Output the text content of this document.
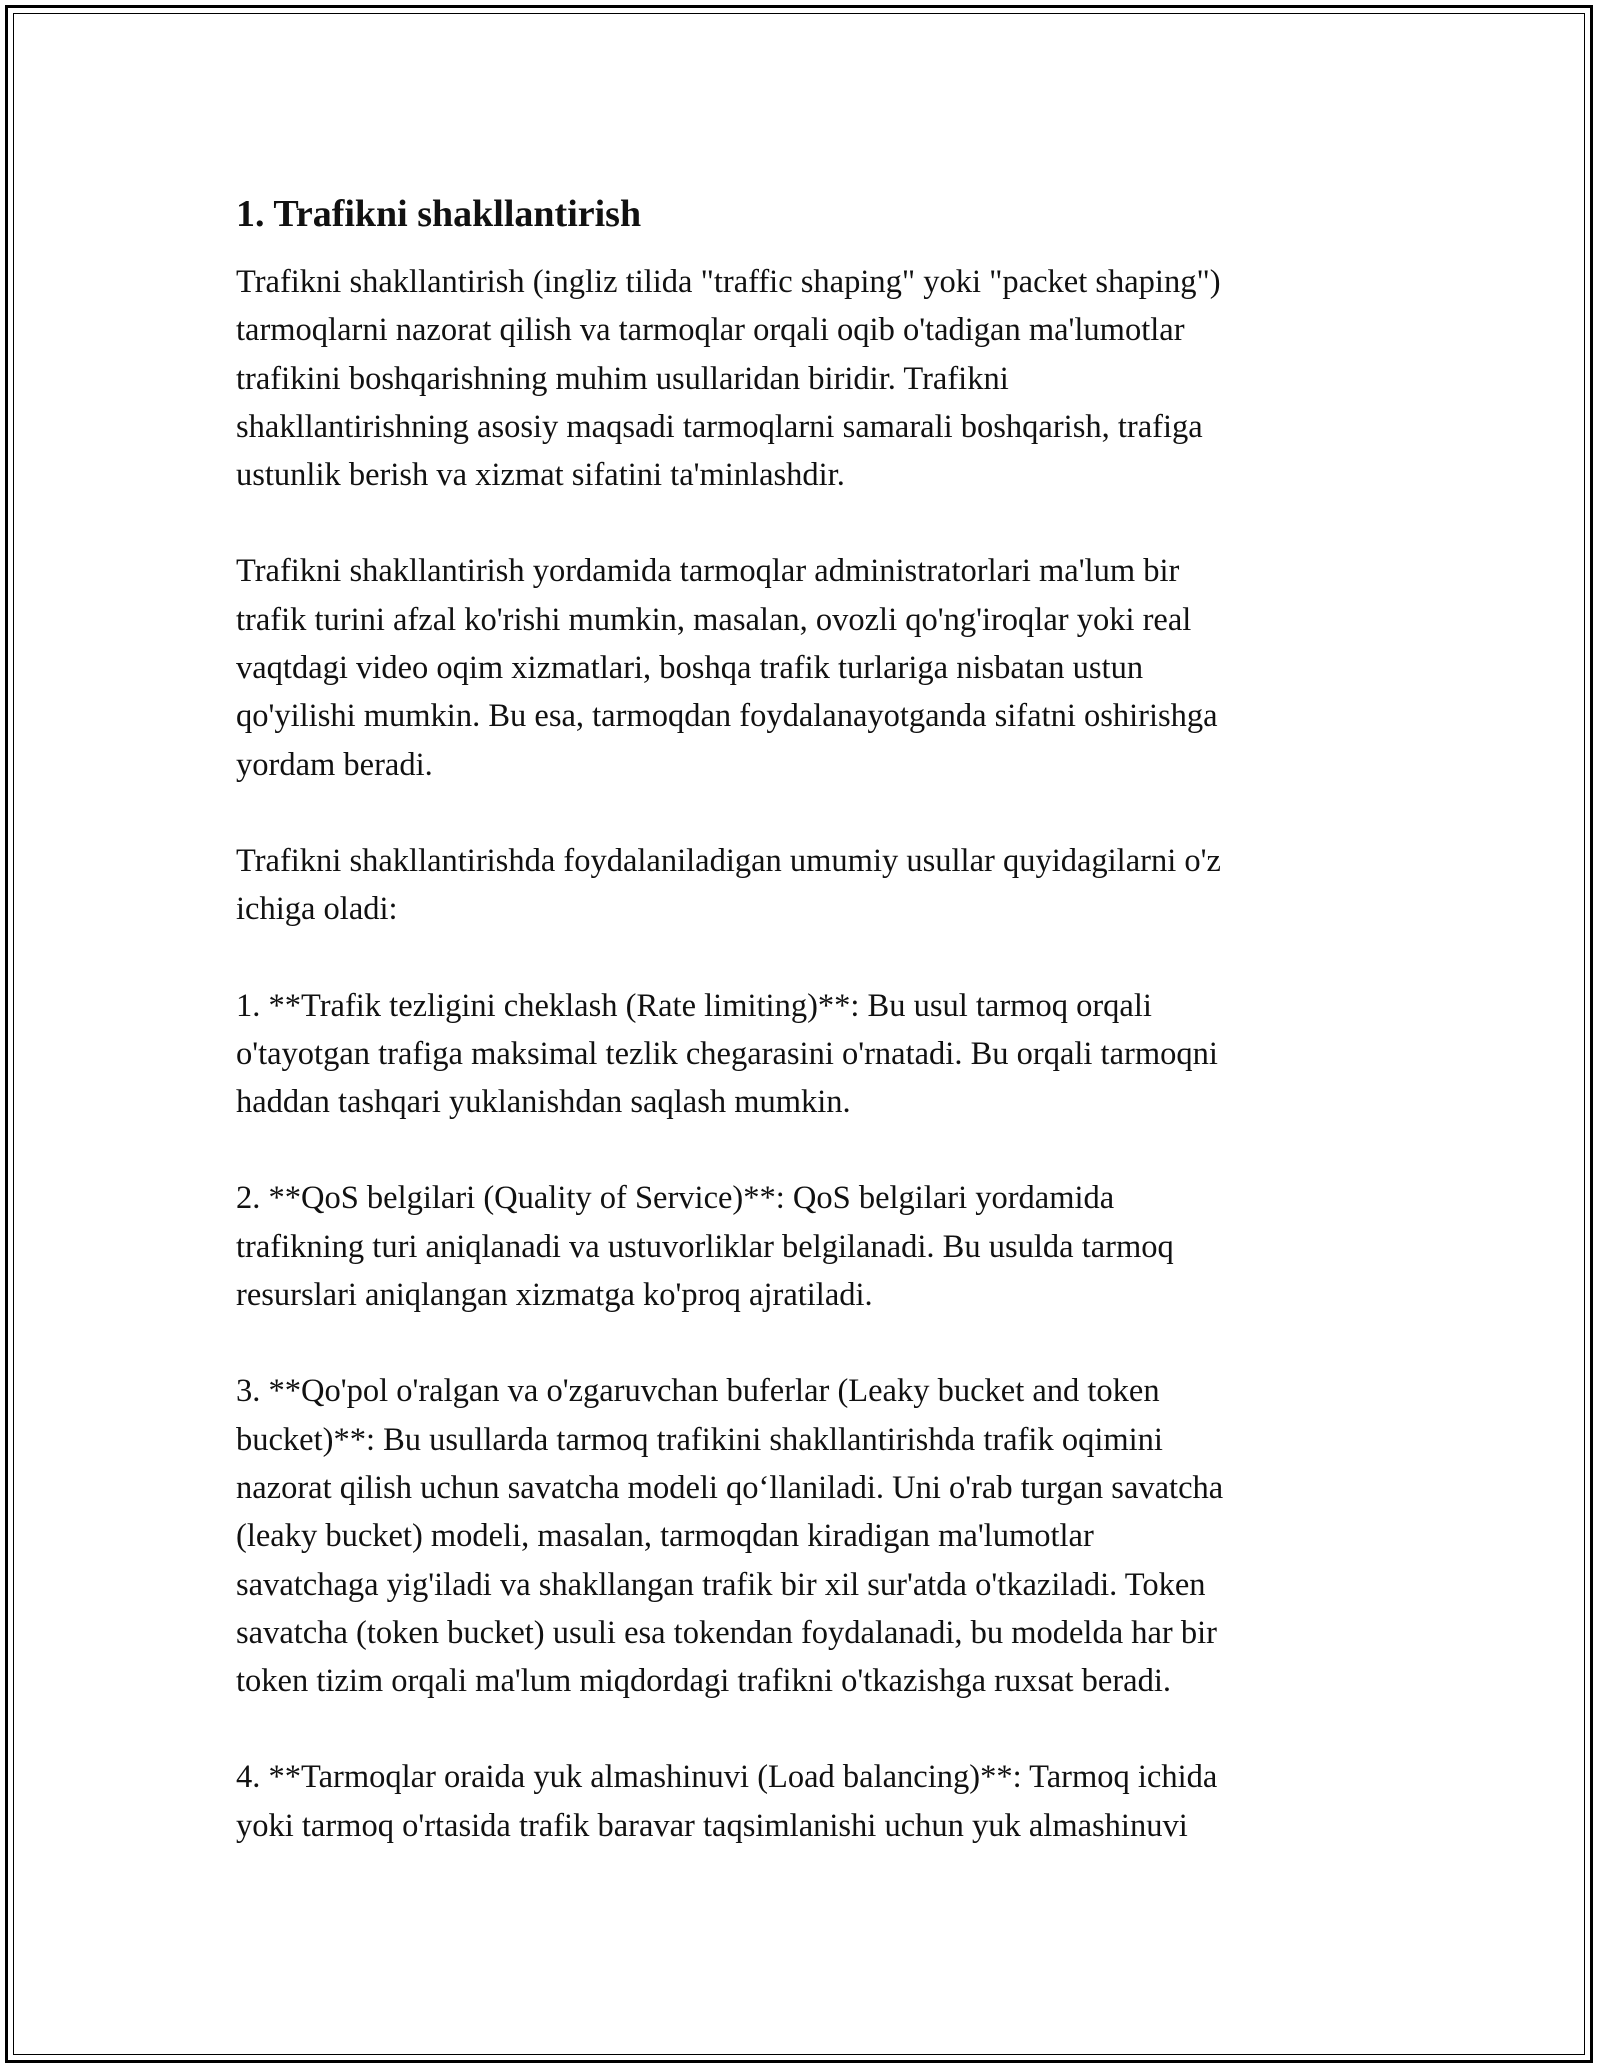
1. Trafikni shakllantirish

Trafikni shakllantirish (ingliz tilida "traffic shaping" yoki "packet shaping")
tarmoqlarni nazorat qilish va tarmoqlar orqali oqib o'tadigan ma'lumotlar
trafikini boshqarishning muhim usullaridan biridir. Trafikni
shakllantirishning asosiy maqsadi tarmoqlarni samarali boshqarish, trafiga
ustunlik berish va xizmat sifatini ta'minlashdir.

Trafikni shakllantirish yordamida tarmoqlar administratorlari ma'lum bir
trafik turini afzal ko'rishi mumkin, masalan, ovozli qo'ng'iroqlar yoki real
vaqtdagi video oqim xizmatlari, boshqa trafik turlariga nisbatan ustun
qo'yilishi mumkin. Bu esa, tarmoqdan foydalanayotganda sifatni oshirishga
yordam beradi.

Trafikni shakllantirishda foydalaniladigan umumiy usullar quyidagilarni o'z
ichiga oladi:

1. **Trafik tezligini cheklash (Rate limiting)**: Bu usul tarmoq orqali
o'tayotgan trafiga maksimal tezlik chegarasini o'rnatadi. Bu orqali tarmoqni
haddan tashqari yuklanishdan saqlash mumkin.

2. **QoS belgilari (Quality of Service)**: QoS belgilari yordamida
trafikning turi aniqlanadi va ustuvorliklar belgilanadi. Bu usulda tarmoq
resurslari aniqlangan xizmatga ko'proq ajratiladi.

3. **Qo'pol o'ralgan va o'zgaruvchan buferlar (Leaky bucket and token
bucket)**: Bu usullarda tarmoq trafikini shakllantirishda trafik oqimini
nazorat qilish uchun savatcha modeli qo‘llaniladi. Uni o'rab turgan savatcha
(leaky bucket) modeli, masalan, tarmoqdan kiradigan ma'lumotlar
savatchaga yig'iladi va shakllangan trafik bir xil sur'atda o'tkaziladi. Token
savatcha (token bucket) usuli esa tokendan foydalanadi, bu modelda har bir
token tizim orqali ma'lum miqdordagi trafikni o'tkazishga ruxsat beradi.

4. **Tarmoqlar oraida yuk almashinuvi (Load balancing)**: Tarmoq ichida
yoki tarmoq o'rtasida trafik baravar taqsimlanishi uchun yuk almashinuvi
